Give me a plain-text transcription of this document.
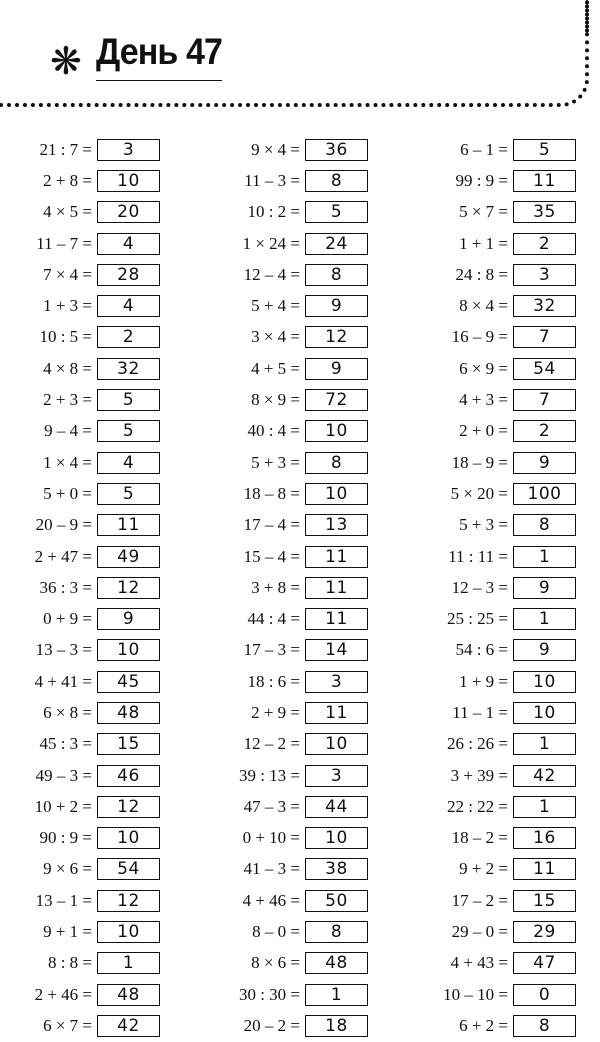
❋ День 47
21 : 7 =	3
2 + 8 =	10
4 × 5 =	20
11 – 7 =	4
7 × 4 =	28
1 + 3 =	4
10 : 5 =	2
4 × 8 =	32
2 + 3 =	5
9 – 4 =	5
1 × 4 =	4
5 + 0 =	5
20 – 9 =	11
2 + 47 =	49
36 : 3 =	12
0 + 9 =	9
13 – 3 =	10
4 + 41 =	45
6 × 8 =	48
45 : 3 =	15
49 – 3 =	46
10 + 2 =	12
90 : 9 =	10
9 × 6 =	54
13 – 1 =	12
9 + 1 =	10
8 : 8 =	1
2 + 46 =	48
6 × 7 =	42
9 × 4 =	36
11 – 3 =	8
10 : 2 =	5
1 × 24 =	24
12 – 4 =	8
5 + 4 =	9
3 × 4 =	12
4 + 5 =	9
8 × 9 =	72
40 : 4 =	10
5 + 3 =	8
18 – 8 =	10
17 – 4 =	13
15 – 4 =	11
3 + 8 =	11
44 : 4 =	11
17 – 3 =	14
18 : 6 =	3
2 + 9 =	11
12 – 2 =	10
39 : 13 =	3
47 – 3 =	44
0 + 10 =	10
41 – 3 =	38
4 + 46 =	50
8 – 0 =	8
8 × 6 =	48
30 : 30 =	1
20 – 2 =	18
6 – 1 =	5
99 : 9 =	11
5 × 7 =	35
1 + 1 =	2
24 : 8 =	3
8 × 4 =	32
16 – 9 =	7
6 × 9 =	54
4 + 3 =	7
2 + 0 =	2
18 – 9 =	9
5 × 20 =	100
5 + 3 =	8
11 : 11 =	1
12 – 3 =	9
25 : 25 =	1
54 : 6 =	9
1 + 9 =	10
11 – 1 =	10
26 : 26 =	1
3 + 39 =	42
22 : 22 =	1
18 – 2 =	16
9 + 2 =	11
17 – 2 =	15
29 – 0 =	29
4 + 43 =	47
10 – 10 =	0
6 + 2 =	8
